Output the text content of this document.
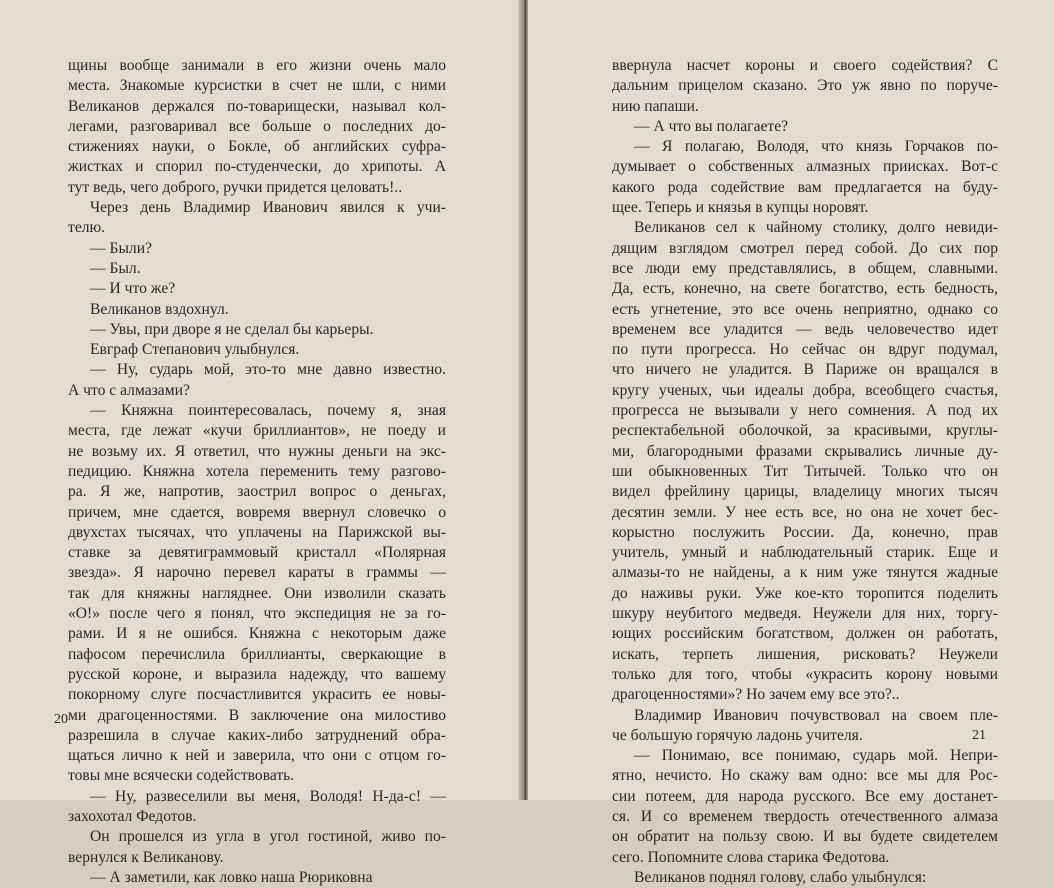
щины вообще занимали в его жизни очень мало
места. Знакомые курсистки в счет не шли, с ними
Великанов держался по-товарищески, называл кол-
легами, разговаривал все больше о последних до-
стижениях науки, о Бокле, об английских суфра-
жистках и спорил по-студенчески, до хрипоты. А
тут ведь, чего доброго, ручки придется целовать!..
Через день Владимир Иванович явился к учи-
телю.
— Были?
— Был.
— И что же?
Великанов вздохнул.
— Увы, при дворе я не сделал бы карьеры.
Евграф Степанович улыбнулся.
— Ну, сударь мой, это-то мне давно известно.
А что с алмазами?
— Княжна поинтересовалась, почему я, зная
места, где лежат «кучи бриллиантов», не поеду и
не возьму их. Я ответил, что нужны деньги на экс-
педицию. Княжна хотела переменить тему разгово-
ра. Я же, напротив, заострил вопрос о деньгах,
причем, мне сдается, вовремя ввернул словечко о
двухстах тысячах, что уплачены на Парижской вы-
ставке за девятиграммовый кристалл «Полярная
звезда». Я нарочно перевел караты в граммы —
так для княжны нагляднее. Они изволили сказать
«О!» после чего я понял, что экспедиция не за го-
рами. И я не ошибся. Княжна с некоторым даже
пафосом перечислила бриллианты, сверкающие в
русской короне, и выразила надежду, что вашему
покорному слуге посчастливится украсить ее новы-
ми драгоценностями. В заключение она милостиво
разрешила в случае каких-либо затруднений обра-
щаться лично к ней и заверила, что они с отцом го-
товы мне всячески содействовать.
— Ну, развеселили вы меня, Володя! Н-да-с! —
захохотал Федотов.
Он прошелся из угла в угол гостиной, живо по-
вернулся к Великанову.
— А заметили, как ловко наша Рюриковна
20
ввернула насчет короны и своего содействия? С
дальним прицелом сказано. Это уж явно по поруче-
нию папаши.
— А что вы полагаете?
— Я полагаю, Володя, что князь Горчаков по-
думывает о собственных алмазных приисках. Вот-с
какого рода содействие вам предлагается на буду-
щее. Теперь и князья в купцы норовят.
Великанов сел к чайному столику, долго невиди-
дящим взглядом смотрел перед собой. До сих пор
все люди ему представлялись, в общем, славными.
Да, есть, конечно, на свете богатство, есть бедность,
есть угнетение, это все очень неприятно, однако со
временем все уладится — ведь человечество идет
по пути прогресса. Но сейчас он вдруг подумал,
что ничего не уладится. В Париже он вращался в
кругу ученых, чьи идеалы добра, всеобщего счастья,
прогресса не вызывали у него сомнения. А под их
респектабельной оболочкой, за красивыми, круглы-
ми, благородными фразами скрывались личные ду-
ши обыкновенных Тит Титычей. Только что он
видел фрейлину царицы, владелицу многих тысяч
десятин земли. У нее есть все, но она не хочет бес-
корыстно послужить России. Да, конечно, прав
учитель, умный и наблюдательный старик. Еще и
алмазы-то не найдены, а к ним уже тянутся жадные
до наживы руки. Уже кое-кто торопится поделить
шкуру неубитого медведя. Неужели для них, торгу-
ющих российским богатством, должен он работать,
искать, терпеть лишения, рисковать? Неужели
только для того, чтобы «украсить корону новыми
драгоценностями»? Но зачем ему все это?..
Владимир Иванович почувствовал на своем пле-
че большую горячую ладонь учителя.
— Понимаю, все понимаю, сударь мой. Непри-
ятно, нечисто. Но скажу вам одно: все мы для Рос-
сии потеем, для народа русского. Все ему достанет-
ся. И со временем твердость отечественного алмаза
он обратит на пользу свою. И вы будете свидетелем
сего. Попомните слова старика Федотова.
Великанов поднял голову, слабо улыбнулся:
21
